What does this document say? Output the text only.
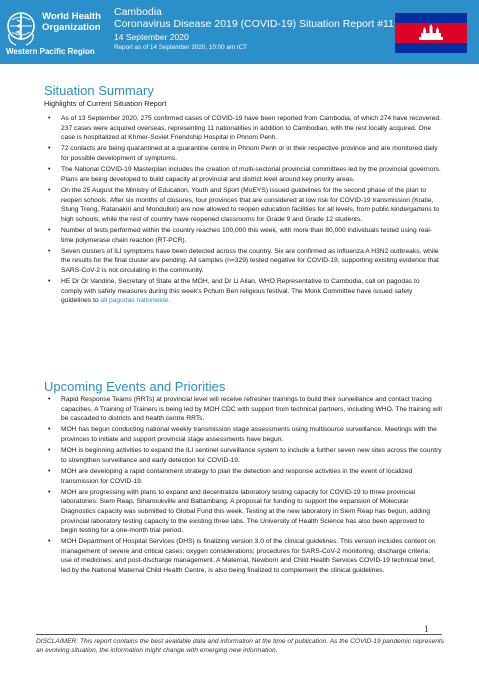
World Health Organization
Western Pacific Region
Cambodia
Coronavirus Disease 2019 (COVID-19) Situation Report #11
14 September 2020
Report as of 14 September 2020, 10:00 am ICT
Situation Summary
Highlights of Current Situation Report
• As of 13 September 2020, 275 confirmed cases of COVID-19 have been reported from Cambodia, of which 274 have recovered. 237 cases were acquired overseas, representing 11 nationalities in addition to Cambodian, with the rest locally acquired. One case is hospitalized at Khmer-Soviet Friendship Hospital in Phnom Penh.
• 72 contacts are being quarantined at a quarantine centre in Phnom Penh or in their respective province and are monitored daily for possible development of symptoms.
• The National COVID-19 Masterplan includes the creation of multi-sectorial provincial committees led by the provincial governors. Plans are being developed to build capacity at provincial and district level around key priority areas.
• On the 25 August the Ministry of Education, Youth and Sport (MoEYS) issued guidelines for the second phase of the plan to reopen schools. After six months of closures, four provinces that are considered at low risk for COVID-19 transmission (Kratie, Stung Treng, Ratanakiri and Mondulkiri) are now allowed to reopen education facilities for all levels, from public kindergartens to high schools, while the rest of country have reopened classrooms for Grade 9 and Grade 12 students.
• Number of tests performed within the country reaches 100,000 this week, with more than 80,000 individuals tested using real-time polymerase chain reaction (RT-PCR).
• Seven clusters of ILI symptoms have been detected across the country. Six are confirmed as influenza A H3N2 outbreaks, while the results for the final cluster are pending. All samples (n=329) tested negative for COVID-19, supporting existing evidence that SARS-CoV-2 is not circulating in the community.
• HE Dr Or Vandine, Secretary of State at the MOH, and Dr Li Ailan, WHO Representative to Cambodia, call on pagodas to comply with safety measures during this week's Pchum Ben religious festival. The Monk Committee have issued safety guidelines to all pagodas nationwide.
Upcoming Events and Priorities
• Rapid Response Teams (RRTs) at provincial level will receive refresher trainings to build their surveillance and contact tracing capacities. A Training of Trainers is being led by MOH CDC with support from technical partners, including WHO. The training will be cascaded to districts and health centre RRTs.
• MOH has begun conducting national weekly transmission stage assessments using multisource surveillance. Meetings with the provinces to initiate and support provincial stage assessments have begun.
• MOH is beginning activities to expand the ILI sentinel surveillance system to include a further seven new sites across the country to strengthen surveillance and early detection for COVID-19.
• MOH are developing a rapid containment strategy to plan the detection and response activities in the event of localized transmission for COVID-19.
• MOH are progressing with plans to expand and decentralize laboratory testing capacity for COVID-19 to three provincial laboratories: Siem Reap, Sihanoukville and Battambang. A proposal for funding to support the expansion of Molecular Diagnostics capacity was submitted to Global Fund this week. Testing at the new laboratory in Siem Reap has begun, adding provincial laboratory testing capacity to the existing three labs. The University of Health Science has also been approved to begin testing for a one-month trial period.
• MOH Department of Hospital Services (DHS) is finalizing version 3.0 of the clinical guidelines. This version includes content on management of severe and critical cases; oxygen considerations; procedures for SARS-CoV-2 monitoring; discharge criteria; use of medicines; and post-discharge management. A Maternal, Newborn and Child Health Services COVID-19 technical brief, led by the National Maternal Child Health Centre, is also being finalized to complement the clinical guidelines.
1
DISCLAIMER: This report contains the best available data and information at the time of publication. As the COVID-19 pandemic represents an evolving situation, the information might change with emerging new information.
